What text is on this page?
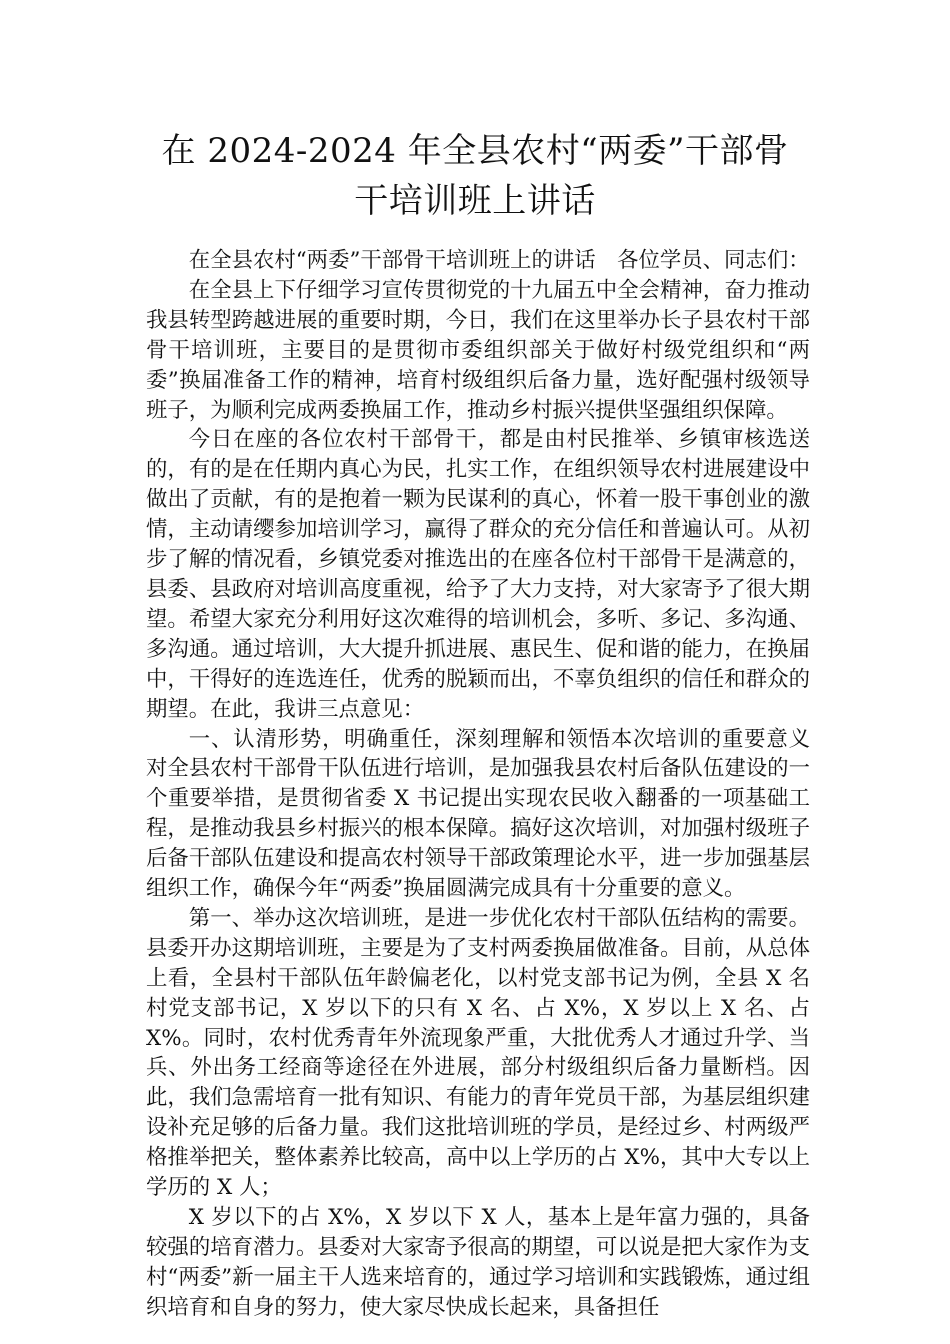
在 2024-2024 年全县农村“两委”干部骨
干培训班上讲话

在全县农村“两委”干部骨干培训班上的讲话　各位学员、同志们：

在全县上下仔细学习宣传贯彻党的十九届五中全会精神，奋力推动我县转型跨越进展的重要时期，今日，我们在这里举办长子县农村干部骨干培训班，主要目的是贯彻市委组织部关于做好村级党组织和“两委”换届准备工作的精神，培育村级组织后备力量，选好配强村级领导班子，为顺利完成两委换届工作，推动乡村振兴提供坚强组织保障。

今日在座的各位农村干部骨干，都是由村民推举、乡镇审核选送的，有的是在任期内真心为民，扎实工作，在组织领导农村进展建设中做出了贡献，有的是抱着一颗为民谋利的真心，怀着一股干事创业的激情，主动请缨参加培训学习，赢得了群众的充分信任和普遍认可。从初步了解的情况看，乡镇党委对推选出的在座各位村干部骨干是满意的，县委、县政府对培训高度重视，给予了大力支持，对大家寄予了很大期望。希望大家充分利用好这次难得的培训机会，多听、多记、多沟通、多沟通。通过培训，大大提升抓进展、惠民生、促和谐的能力，在换届中，干得好的连选连任，优秀的脱颖而出，不辜负组织的信任和群众的期望。在此，我讲三点意见：

一、认清形势，明确重任，深刻理解和领悟本次培训的重要意义 对全县农村干部骨干队伍进行培训，是加强我县农村后备队伍建设的一个重要举措，是贯彻省委 X 书记提出实现农民收入翻番的一项基础工程，是推动我县乡村振兴的根本保障。搞好这次培训，对加强村级班子后备干部队伍建设和提高农村领导干部政策理论水平，进一步加强基层组织工作，确保今年“两委”换届圆满完成具有十分重要的意义。

第一、举办这次培训班，是进一步优化农村干部队伍结构的需要。县委开办这期培训班，主要是为了支村两委换届做准备。目前，从总体上看，全县村干部队伍年龄偏老化，以村党支部书记为例，全县 X 名村党支部书记，X 岁以下的只有 X 名、占 X%，X 岁以上 X 名、占 X%。同时，农村优秀青年外流现象严重，大批优秀人才通过升学、当兵、外出务工经商等途径在外进展，部分村级组织后备力量断档。因此，我们急需培育一批有知识、有能力的青年党员干部，为基层组织建设补充足够的后备力量。我们这批培训班的学员，是经过乡、村两级严格推举把关，整体素养比较高，高中以上学历的占 X%，其中大专以上学历的 X 人；

X 岁以下的占 X%，X 岁以下 X 人，基本上是年富力强的，具备较强的培育潜力。县委对大家寄予很高的期望，可以说是把大家作为支村“两委”新一届主干人选来培育的，通过学习培训和实践锻炼，通过组织培育和自身的努力，使大家尽快成长起来，具备担任
